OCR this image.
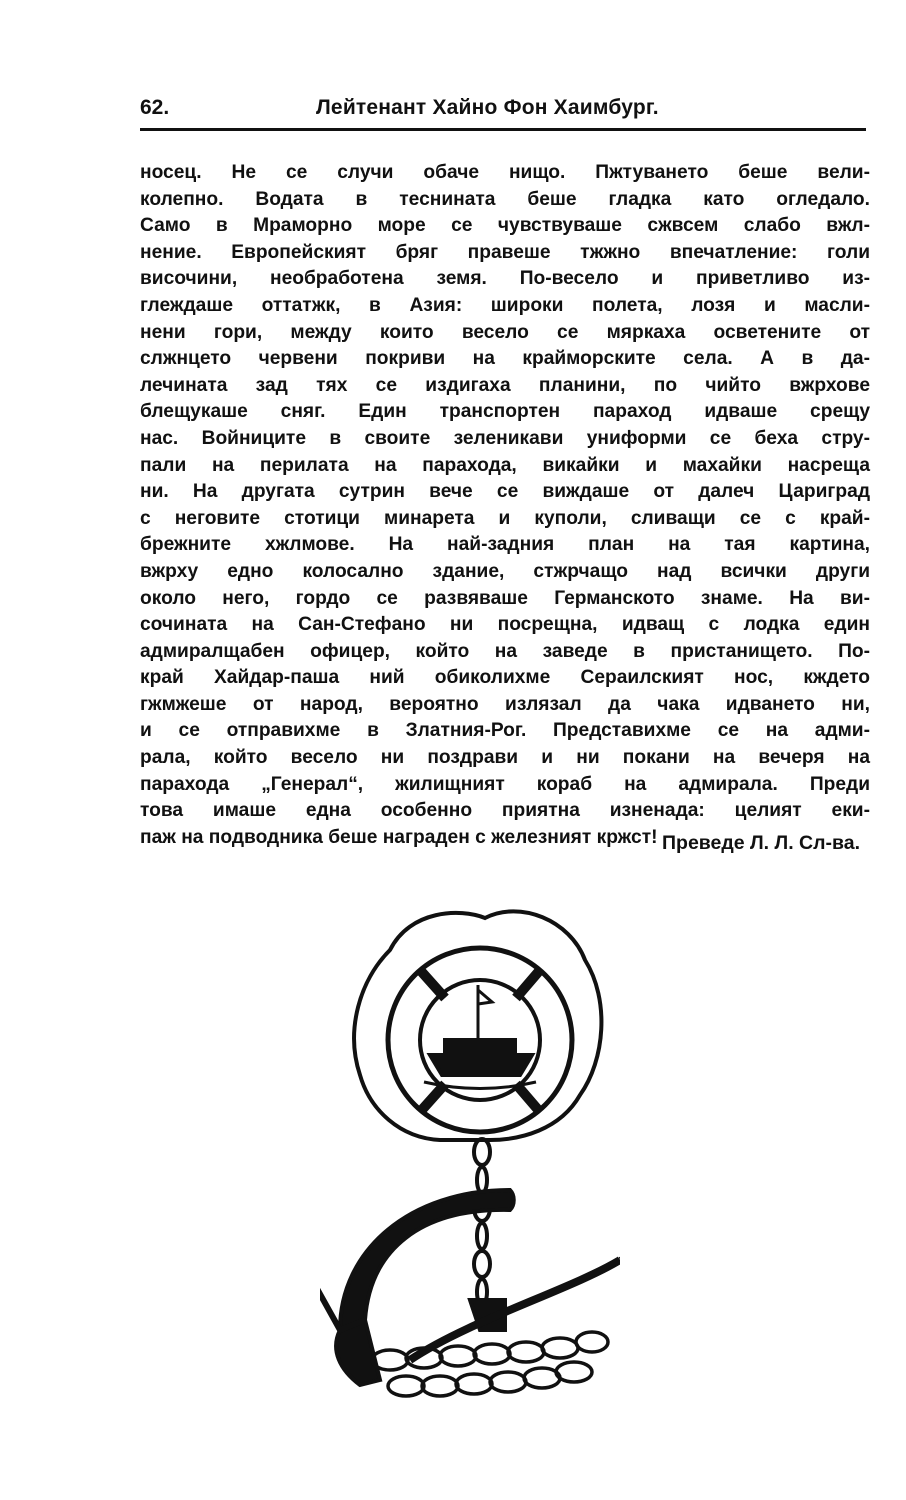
62.	Лейтенант Хайно Фон Хаимбург.
носец. Не се случи обаче нищо. Пжтуването беше вели-
колепно. Водата в теснината беше гладка като огледало.
Само в Мраморно море се чувствуваше сжвсем слабо вжл-
нение. Европейският бряг правеше тжжно впечатление: голи
височини, необработена земя. По-весело и приветливо из-
глеждаше оттатжк, в Азия: широки полета, лозя и масли-
нени гори, между които весело се мяркаха осветените от
слжнцето червени покриви на крайморските села. А в да-
лечината зад тях се издигаха планини, по чийто вжрхове
блещукаше сняг. Един транспортен параход идваше срещу
нас. Войниците в своите зеленикави униформи се беха стру-
пали на перилата на парахода, викайки и махайки насреща
ни. На другата сутрин вече се виждаше от далеч Цариград
с неговите стотици минарета и куполи, сливащи се с край-
брежните хжлмове. На най-задния план на тая картина,
вжрху едно колосално здание, стжрчащо над всички други
около него, гордо се развяваше Германското знаме. На ви-
сочината на Сан-Стефано ни посрещна, идващ с лодка един
адмиралщабен офицер, който на заведе в пристанището. По-
край Хайдар-паша ний обиколихме Сераилският нос, кждето
гжмжеше от народ, вероятно излязал да чака идването ни,
и се отправихме в Златния-Рог. Представихме се на адми-
рала, който весело ни поздрави и ни покани на вечеря на
парахода „Генерал“, жилищният кораб на адмирала. Преди
това имаше една особенно приятна изненада: целият еки-
паж на подводника беше награден с железният кржст! Преведе Л. Л. Сл-ва.
